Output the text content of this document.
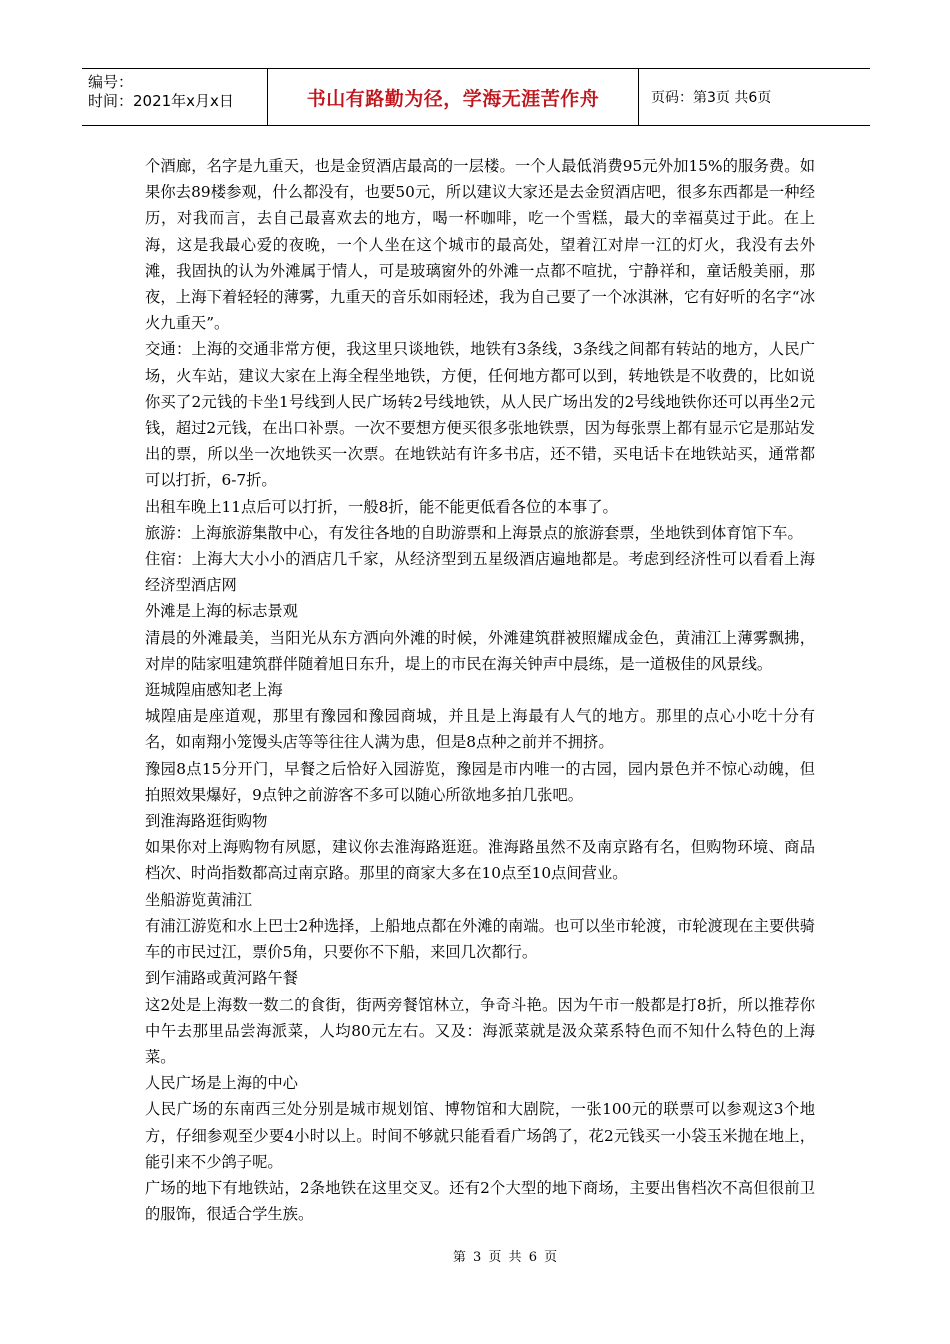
编号：
时间：2021年x月x日	书山有路勤为径，学海无涯苦作舟	页码：第3页 共6页

个酒廊，名字是九重天，也是金贸酒店最高的一层楼。一个人最低消费95元外加15%的服务费。如果你去89楼参观，什么都没有，也要50元，所以建议大家还是去金贸酒店吧，很多东西都是一种经历，对我而言，去自己最喜欢去的地方，喝一杯咖啡，吃一个雪糕，最大的幸福莫过于此。在上海，这是我最心爱的夜晚，一个人坐在这个城市的最高处，望着江对岸一江的灯火，我没有去外滩，我固执的认为外滩属于情人，可是玻璃窗外的外滩一点都不喧扰，宁静祥和，童话般美丽，那夜，上海下着轻轻的薄雾，九重天的音乐如雨轻述，我为自己要了一个冰淇淋，它有好听的名字“冰火九重天”。

交通：上海的交通非常方便，我这里只谈地铁，地铁有3条线，3条线之间都有转站的地方，人民广场，火车站，建议大家在上海全程坐地铁，方便，任何地方都可以到，转地铁是不收费的，比如说你买了2元钱的卡坐1号线到人民广场转2号线地铁，从人民广场出发的2号线地铁你还可以再坐2元钱，超过2元钱，在出口补票。一次不要想方便买很多张地铁票，因为每张票上都有显示它是那站发出的票，所以坐一次地铁买一次票。在地铁站有许多书店，还不错，买电话卡在地铁站买，通常都可以打折，6-7折。

出租车晚上11点后可以打折，一般8折，能不能更低看各位的本事了。

旅游：上海旅游集散中心，有发往各地的自助游票和上海景点的旅游套票，坐地铁到体育馆下车。

住宿：上海大大小小的酒店几千家，从经济型到五星级酒店遍地都是。考虑到经济性可以看看上海经济型酒店网

外滩是上海的标志景观

清晨的外滩最美，当阳光从东方洒向外滩的时候，外滩建筑群被照耀成金色，黄浦江上薄雾飘拂，对岸的陆家咀建筑群伴随着旭日东升，堤上的市民在海关钟声中晨练，是一道极佳的风景线。

逛城隍庙感知老上海

城隍庙是座道观，那里有豫园和豫园商城，并且是上海最有人气的地方。那里的点心小吃十分有名，如南翔小笼馒头店等等往往人满为患，但是8点种之前并不拥挤。

豫园8点15分开门，早餐之后恰好入园游览，豫园是市内唯一的古园，园内景色并不惊心动魄，但拍照效果爆好，9点钟之前游客不多可以随心所欲地多拍几张吧。

到淮海路逛街购物

如果你对上海购物有夙愿，建议你去淮海路逛逛。淮海路虽然不及南京路有名，但购物环境、商品档次、时尚指数都高过南京路。那里的商家大多在10点至10点间营业。

坐船游览黄浦江

有浦江游览和水上巴士2种选择，上船地点都在外滩的南端。也可以坐市轮渡，市轮渡现在主要供骑车的市民过江，票价5角，只要你不下船，来回几次都行。

到乍浦路或黄河路午餐

这2处是上海数一数二的食街，街两旁餐馆林立，争奇斗艳。因为午市一般都是打8折，所以推荐你中午去那里品尝海派菜，人均80元左右。又及：海派菜就是汲众菜系特色而不知什么特色的上海菜。

人民广场是上海的中心

人民广场的东南西三处分别是城市规划馆、博物馆和大剧院，一张100元的联票可以参观这3个地方，仔细参观至少要4小时以上。时间不够就只能看看广场鸽了，花2元钱买一小袋玉米抛在地上，能引来不少鸽子呢。

广场的地下有地铁站，2条地铁在这里交叉。还有2个大型的地下商场，主要出售档次不高但很前卫的服饰，很适合学生族。

第 3 页 共 6 页
